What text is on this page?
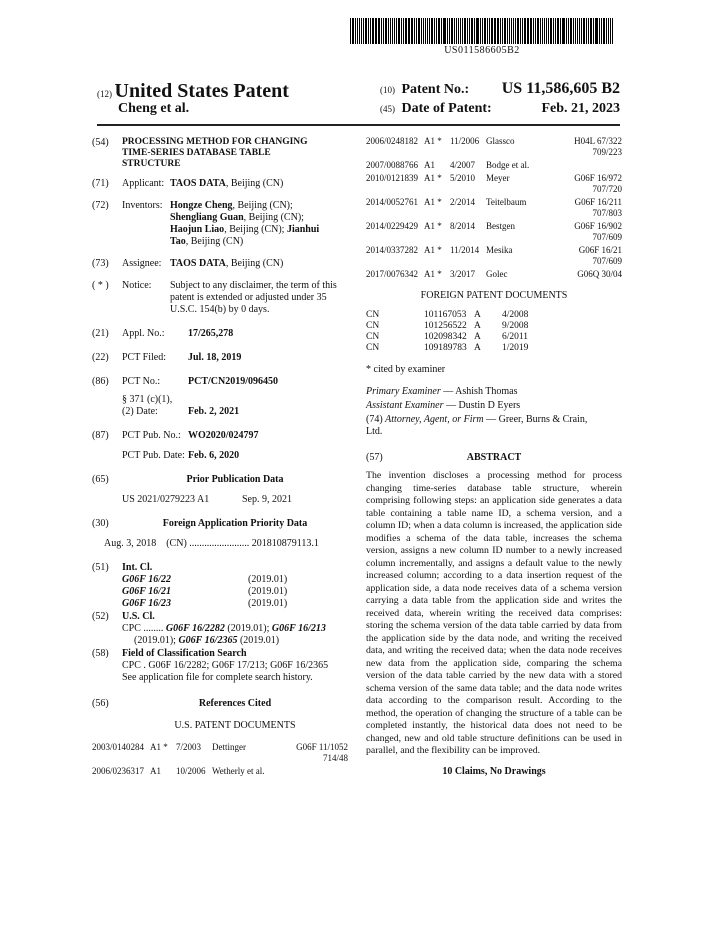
US011586605B2
(12) United States Patent
Cheng et al.
(10) Patent No.: US 11,586,605 B2
(45) Date of Patent:	Feb. 21, 2023
(54)	PROCESSING METHOD FOR CHANGING
TIME-SERIES DATABASE TABLE
STRUCTURE
(71)	Applicant: TAOS DATA, Beijing (CN)
(72)	Inventors: Hongze Cheng, Beijing (CN);
Shengliang Guan, Beijing (CN);
Haojun Liao, Beijing (CN); Jianhui
Tao, Beijing (CN)
(73)	Assignee: TAOS DATA, Beijing (CN)
( * )	Notice:	Subject to any disclaimer, the term of this
patent is extended or adjusted under 35
U.S.C. 154(b) by 0 days.
(21)	Appl. No.:	17/265,278
(22)	PCT Filed:	Jul. 18, 2019
(86)	PCT No.:	PCT/CN2019/096450
§ 371 (c)(1),
(2) Date:	Feb. 2, 2021
(87)	PCT Pub. No.: WO2020/024797
PCT Pub. Date: Feb. 6, 2020
(65)	Prior Publication Data
US 2021/0279223 A1	Sep. 9, 2021
(30)	Foreign Application Priority Data
Aug. 3, 2018    (CN) ........................ 201810879113.1
(51)	Int. Cl.
G06F 16/22	(2019.01)
G06F 16/21	(2019.01)
G06F 16/23	(2019.01)
(52)	U.S. Cl.
CPC ........ G06F 16/2282 (2019.01); G06F 16/213
(2019.01); G06F 16/2365 (2019.01)
(58)	Field of Classification Search
CPC . G06F 16/2282; G06F 17/213; G06F 16/2365
See application file for complete search history.
(56)	References Cited
U.S. PATENT DOCUMENTS
2003/0140284 A1 * 7/2003	Dettinger	G06F 11/1052
714/48
2006/0236317 A1	10/2006 Wetherly et al.
2006/0248182 A1 * 11/2006 Glassco	H04L 67/322
709/223
2007/0088766 A1	4/2007	Bodge et al.
2010/0121839 A1 * 5/2010	Meyer	G06F 16/972
707/720
2014/0052761 A1 * 2/2014	Teitelbaum	G06F 16/211
707/803
2014/0229429 A1 * 8/2014	Bestgen	G06F 16/902
707/609
2014/0337282 A1 * 11/2014 Mesika	G06F 16/21
707/609
2017/0076342 A1 * 3/2017	Golec	G06Q 30/04
FOREIGN PATENT DOCUMENTS
CN	101167053 A	4/2008
CN	101256522 A	9/2008
CN	102098342 A	6/2011
CN	109189783 A	1/2019
* cited by examiner
Primary Examiner — Ashish Thomas
Assistant Examiner — Dustin D Eyers
(74) Attorney, Agent, or Firm — Greer, Burns & Crain,
Ltd.
(57)	ABSTRACT
The invention discloses a processing method for process changing time-series database table structure, wherein comprising following steps: an application side generates a data table containing a table name ID, a schema version, and a column ID; when a data column is increased, the application side modifies a schema of the data table, increases the schema version, assigns a new column ID number to a newly increased column incrementally, and assigns a default value to the newly increased column; according to a data insertion request of the application side, a data node receives data of a schema version carrying a data table from the application side and writes the received data, wherein writing the received data comprises: storing the schema version of the data table carried by data from the application side by the data node, and writing the received data, and writing the received data; when the data node receives new data from the application side, comparing the schema version of the data table carried by the new data with a stored schema version of the same data table; and the data node writes data according to the comparison result. According to the method, the operation of changing the structure of a table can be completed instantly, the historical data does not need to be changed, new and old table structure definitions can be used in parallel, and the flexibility can be improved.
10 Claims, No Drawings
